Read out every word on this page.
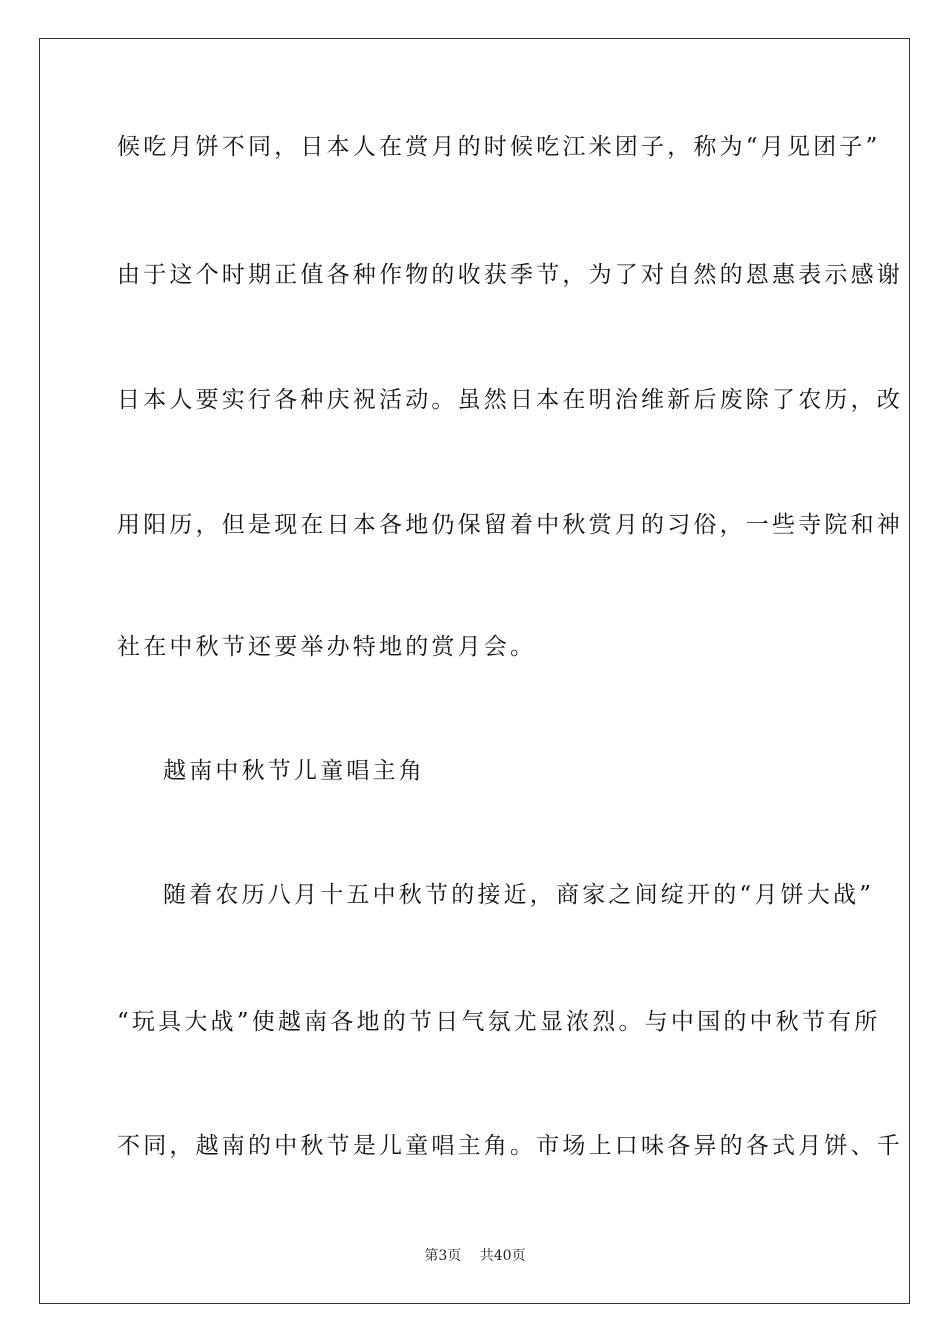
候吃月饼不同，日本人在赏月的时候吃江米团子，称为“月见团子”
由于这个时期正值各种作物的收获季节，为了对自然的恩惠表示感谢
日本人要实行各种庆祝活动。虽然日本在明治维新后废除了农历，改
用阳历，但是现在日本各地仍保留着中秋赏月的习俗，一些寺院和神
社在中秋节还要举办特地的赏月会。
越南中秋节儿童唱主角
随着农历八月十五中秋节的接近，商家之间绽开的“月饼大战”
“玩具大战”使越南各地的节日气氛尤显浓烈。与中国的中秋节有所
不同，越南的中秋节是儿童唱主角。市场上口味各异的各式月饼、千
第3页 共40页
